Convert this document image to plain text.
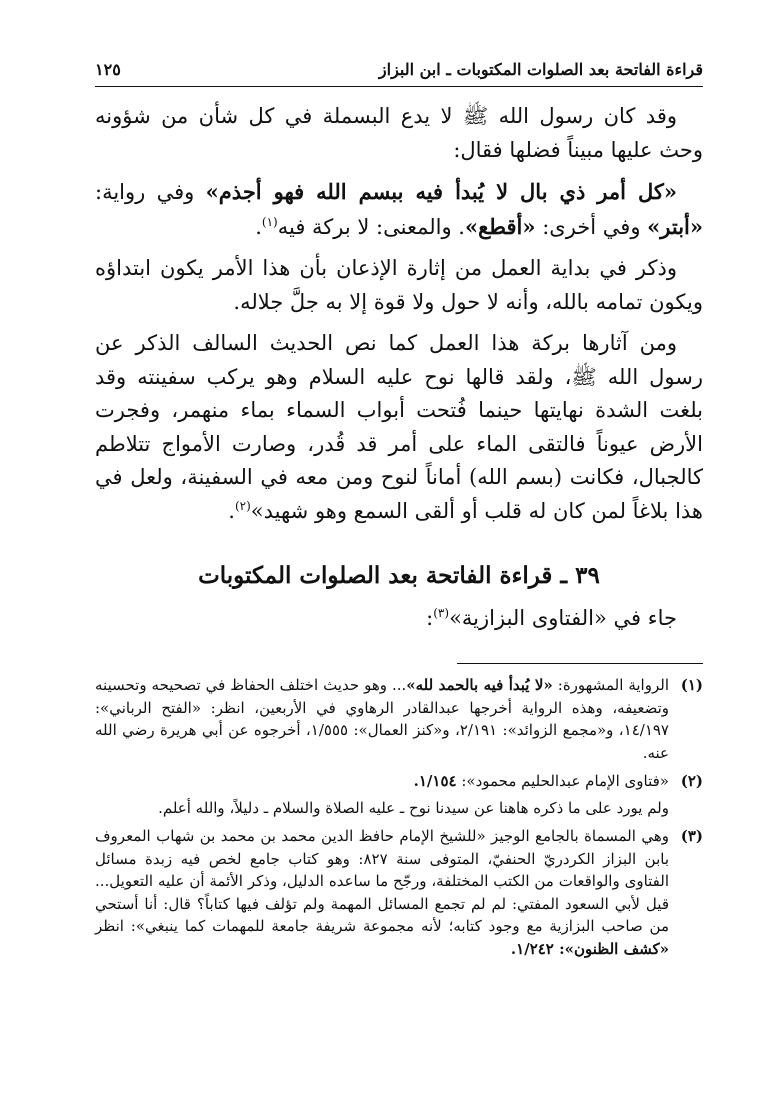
قراءة الفاتحة بعد الصلوات المكتوبات ـ ابن البزاز
١٢٥

وقد كان رسول الله ﷺ لا يدع البسملة في كل شأن من شؤونه وحث عليها مبيناً فضلها فقال:

«كل أمر ذي بال لا يُبدأ فيه ببسم الله فهو أجذم» وفي رواية: «أبتر» وفي أخرى: «أقطع». والمعنى: لا بركة فيه$^{(١)}$.

وذكر في بداية العمل من إثارة الإذعان بأن هذا الأمر يكون ابتداؤه ويكون تمامه بالله، وأنه لا حول ولا قوة إلا به جلَّ جلاله.

ومن آثارها بركة هذا العمل كما نص الحديث السالف الذكر عن رسول الله ﷺ، ولقد قالها نوح عليه السلام وهو يركب سفينته وقد بلغت الشدة نهايتها حينما فُتحت أبواب السماء بماء منهمر، وفجرت الأرض عيوناً فالتقى الماء على أمر قد قُدر، وصارت الأمواج تتلاطم كالجبال، فكانت (بسم الله) أماناً لنوح ومن معه في السفينة، ولعل في هذا بلاغاً لمن كان له قلب أو ألقى السمع وهو شهيد»$^{(٢)}$.

٣٩ ـ قراءة الفاتحة بعد الصلوات المكتوبات
جاء في «الفتاوى البزازية»$^{(٣)}$:
(١)

الرواية المشهورة: «لا يُبدأ فيه بالحمد لله»... وهو حديث اختلف الحفاظ في تصحيحه وتحسينه وتضعيفه، وهذه الرواية أخرجها عبدالقادر الرهاوي في الأربعين، انظر: «الفتح الرباني»: ١٤/١٩٧، و«مجمع الزوائد»: ٢/١٩١، و«كنز العمال»: ١/٥٥٥، أخرجوه عن أبي هريرة رضي الله عنه.

(٢)

«فتاوى الإمام عبدالحليم محمود»: ١/١٥٤.

ولم يورد على ما ذكره هاهنا عن سيدنا نوح ـ عليه الصلاة والسلام ـ دليلاً، والله أعلم.

(٣)

وهي المسماة بالجامع الوجيز «للشيخ الإمام حافظ الدين محمد بن محمد بن شهاب المعروف بابن البزاز الكردريّ الحنفيّ، المتوفى سنة ٨٢٧: وهو كتاب جامع لخص فيه زبدة مسائل الفتاوى والواقعات من الكتب المختلفة، ورجّح ما ساعده الدليل، وذكر الأئمة أن عليه التعويل... قيل لأبي السعود المفتي: لم لم تجمع المسائل المهمة ولم تؤلف فيها كتاباً؟ قال: أنا أستحي من صاحب البزازية مع وجود كتابه؛ لأنه مجموعة شريفة جامعة للمهمات كما ينبغي»: انظر «كشف الظنون»: ١/٢٤٢.
